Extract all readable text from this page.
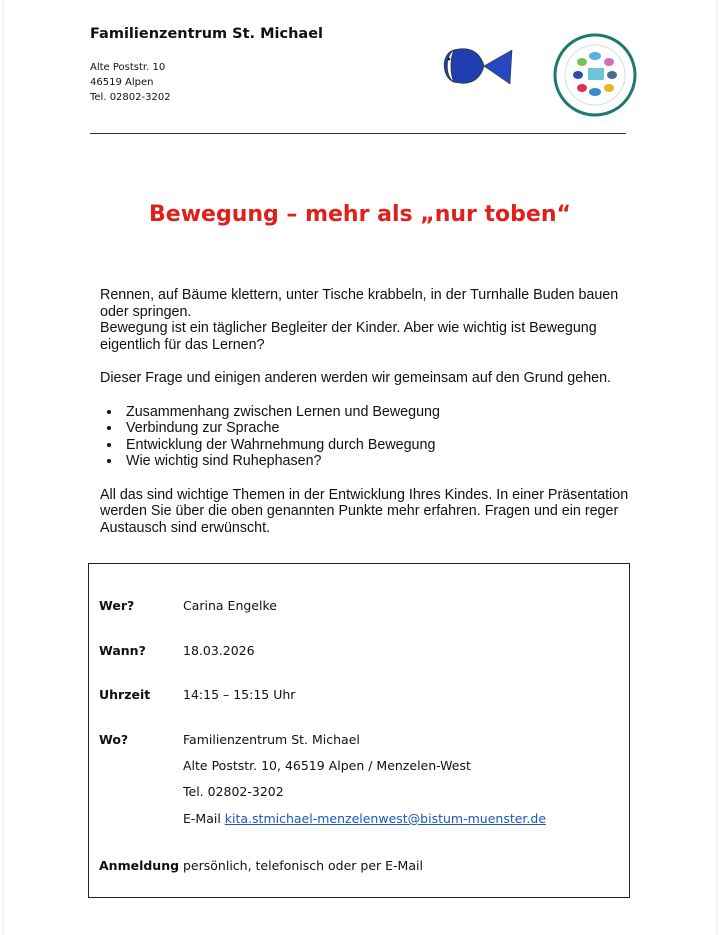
Familienzentrum St. Michael
Alte Poststr. 10
46519 Alpen
Tel. 02802-3202
Bewegung – mehr als „nur toben“

Rennen, auf Bäume klettern, unter Tische krabbeln, in der Turnhalle Buden bauen oder springen.

Bewegung ist ein täglicher Begleiter der Kinder. Aber wie wichtig ist Bewegung eigentlich für das Lernen?

Dieser Frage und einigen anderen werden wir gemeinsam auf den Grund gehen.

• Zusammenhang zwischen Lernen und Bewegung
• Verbindung zur Sprache
• Entwicklung der Wahrnehmung durch Bewegung
• Wie wichtig sind Ruhephasen?

All das sind wichtige Themen in der Entwicklung Ihres Kindes. In einer Präsentation werden Sie über die oben genannten Punkte mehr erfahren. Fragen und ein reger Austausch sind erwünscht.

Wer?	Carina Engelke
Wann?	18.03.2026
Uhrzeit	14:15 – 15:15 Uhr
Wo?	Familienzentrum St. Michael
Alte Poststr. 10, 46519 Alpen / Menzelen-West
Tel. 02802-3202
E-Mail kita.stmichael-menzelenwest@bistum-muenster.de
Anmeldung persönlich, telefonisch oder per E-Mail
